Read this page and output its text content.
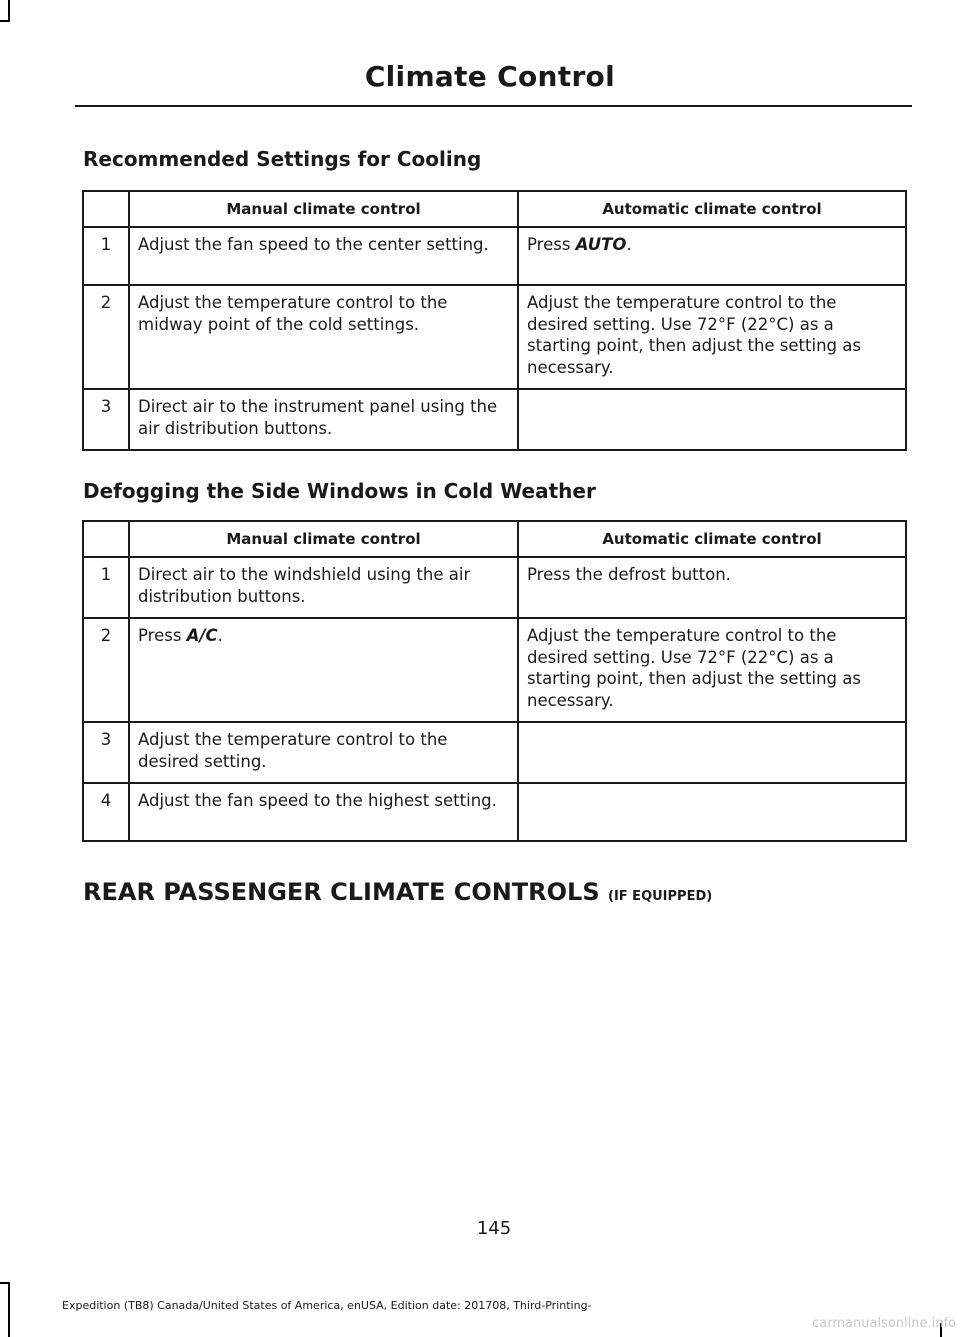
Climate Control
Recommended Settings for Cooling
	Manual climate control	Automatic climate control
1	Adjust the fan speed to the center setting.	Press AUTO.
2	Adjust the temperature control to the midway point of the cold settings.	Adjust the temperature control to the desired setting. Use 72°F (22°C) as a starting point, then adjust the setting as necessary.
3	Direct air to the instrument panel using the air distribution buttons.	
Defogging the Side Windows in Cold Weather
	Manual climate control	Automatic climate control
1	Direct air to the windshield using the air distribution buttons.	Press the defrost button.
2	Press A/C.	Adjust the temperature control to the desired setting. Use 72°F (22°C) as a starting point, then adjust the setting as necessary.
3	Adjust the temperature control to the desired setting.	
4	Adjust the fan speed to the highest setting.	
REAR PASSENGER CLIMATE CONTROLS (IF EQUIPPED)
145
Expedition (TB8) Canada/United States of America, enUSA, Edition date: 201708, Third-Printing-
carmanualsonline.info
